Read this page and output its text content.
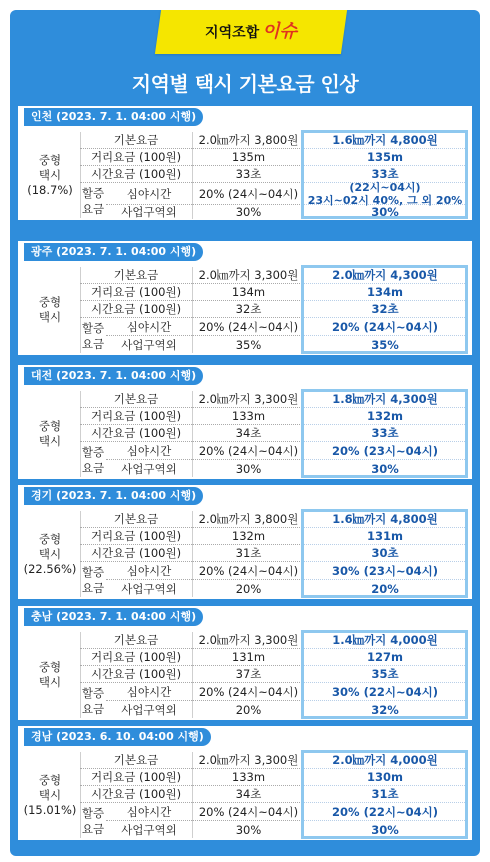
지역조합 이슈
지역별 택시 기본요금 인상
인천 (2023. 7. 1. 04:00 시행)
중형
택시
(18.7%)
기본요금
거리요금 (100원)
시간요금 (100원)
할증
요금
심야시간
사업구역외
2.0㎞까지 3,800원
135m
33초
20% (24시~04시)
30%
1.6㎞까지 4,800원
135m
33초
(22시~04시)
23시~02시 40%, 그 외 20%
30%
광주 (2023. 7. 1. 04:00 시행)
중형
택시
기본요금
거리요금 (100원)
시간요금 (100원)
할증
요금
심야시간
사업구역외
2.0㎞까지 3,300원
134m
32초
20% (24시~04시)
35%
2.0㎞까지 4,300원
134m
32초
20% (24시~04시)
35%
대전 (2023. 7. 1. 04:00 시행)
중형
택시
기본요금
거리요금 (100원)
시간요금 (100원)
할증
요금
심야시간
사업구역외
2.0㎞까지 3,300원
133m
34초
20% (24시~04시)
30%
1.8㎞까지 4,300원
132m
33초
20% (23시~04시)
30%
경기 (2023. 7. 1. 04:00 시행)
중형
택시
(22.56%)
기본요금
거리요금 (100원)
시간요금 (100원)
할증
요금
심야시간
사업구역외
2.0㎞까지 3,800원
132m
31초
20% (24시~04시)
20%
1.6㎞까지 4,800원
131m
30초
30% (23시~04시)
20%
충남 (2023. 7. 1. 04:00 시행)
중형
택시
기본요금
거리요금 (100원)
시간요금 (100원)
할증
요금
심야시간
사업구역외
2.0㎞까지 3,300원
131m
37초
20% (24시~04시)
20%
1.4㎞까지 4,000원
127m
35초
30% (22시~04시)
32%
경남 (2023. 6. 10. 04:00 시행)
중형
택시
(15.01%)
기본요금
거리요금 (100원)
시간요금 (100원)
할증
요금
심야시간
사업구역외
2.0㎞까지 3,300원
133m
34초
20% (24시~04시)
30%
2.0㎞까지 4,000원
130m
31초
20% (22시~04시)
30%
